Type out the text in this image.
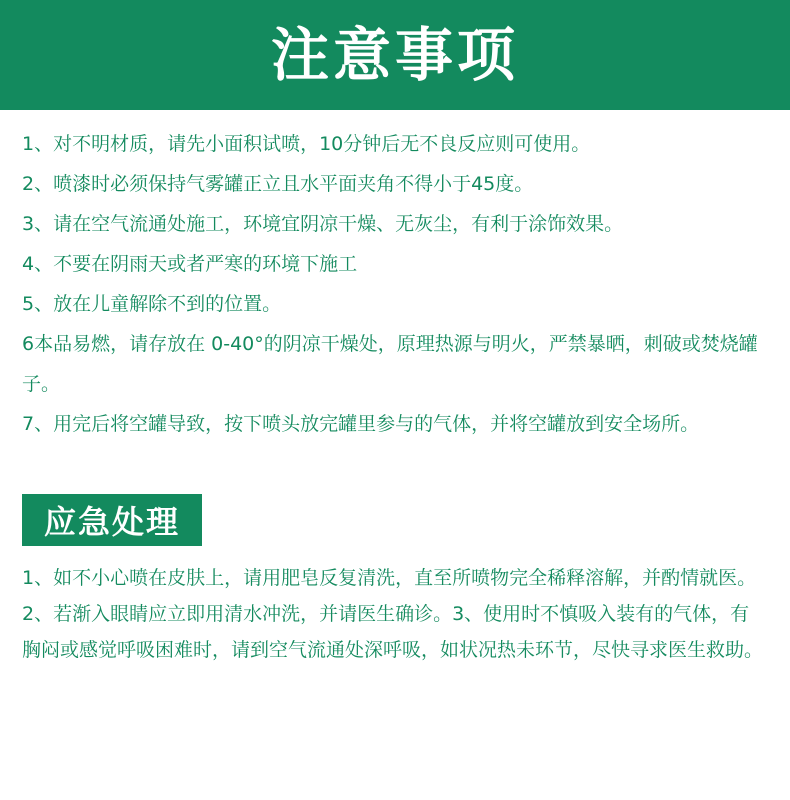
注意事项

1、对不明材质，请先小面积试喷，10分钟后无不良反应则可使用。

2、喷漆时必须保持气雾罐正立且水平面夹角不得小于45度。

3、请在空气流通处施工，环境宜阴凉干燥、无灰尘，有利于涂饰效果。

4、不要在阴雨天或者严寒的环境下施工

5、放在儿童解除不到的位置。

6本品易燃，请存放在 0-40°的阴凉干燥处，原理热源与明火，严禁暴晒，刺破或焚烧罐子。

7、用完后将空罐导致，按下喷头放完罐里参与的气体，并将空罐放到安全场所。

应急处理

1、如不小心喷在皮肤上，请用肥皂反复清洗，直至所喷物完全稀释溶解，并酌情就医。

2、若渐入眼睛应立即用清水冲洗，并请医生确诊。3、使用时不慎吸入装有的气体，有胸闷或感觉呼吸困难时，请到空气流通处深呼吸，如状况热未环节，尽快寻求医生救助。
